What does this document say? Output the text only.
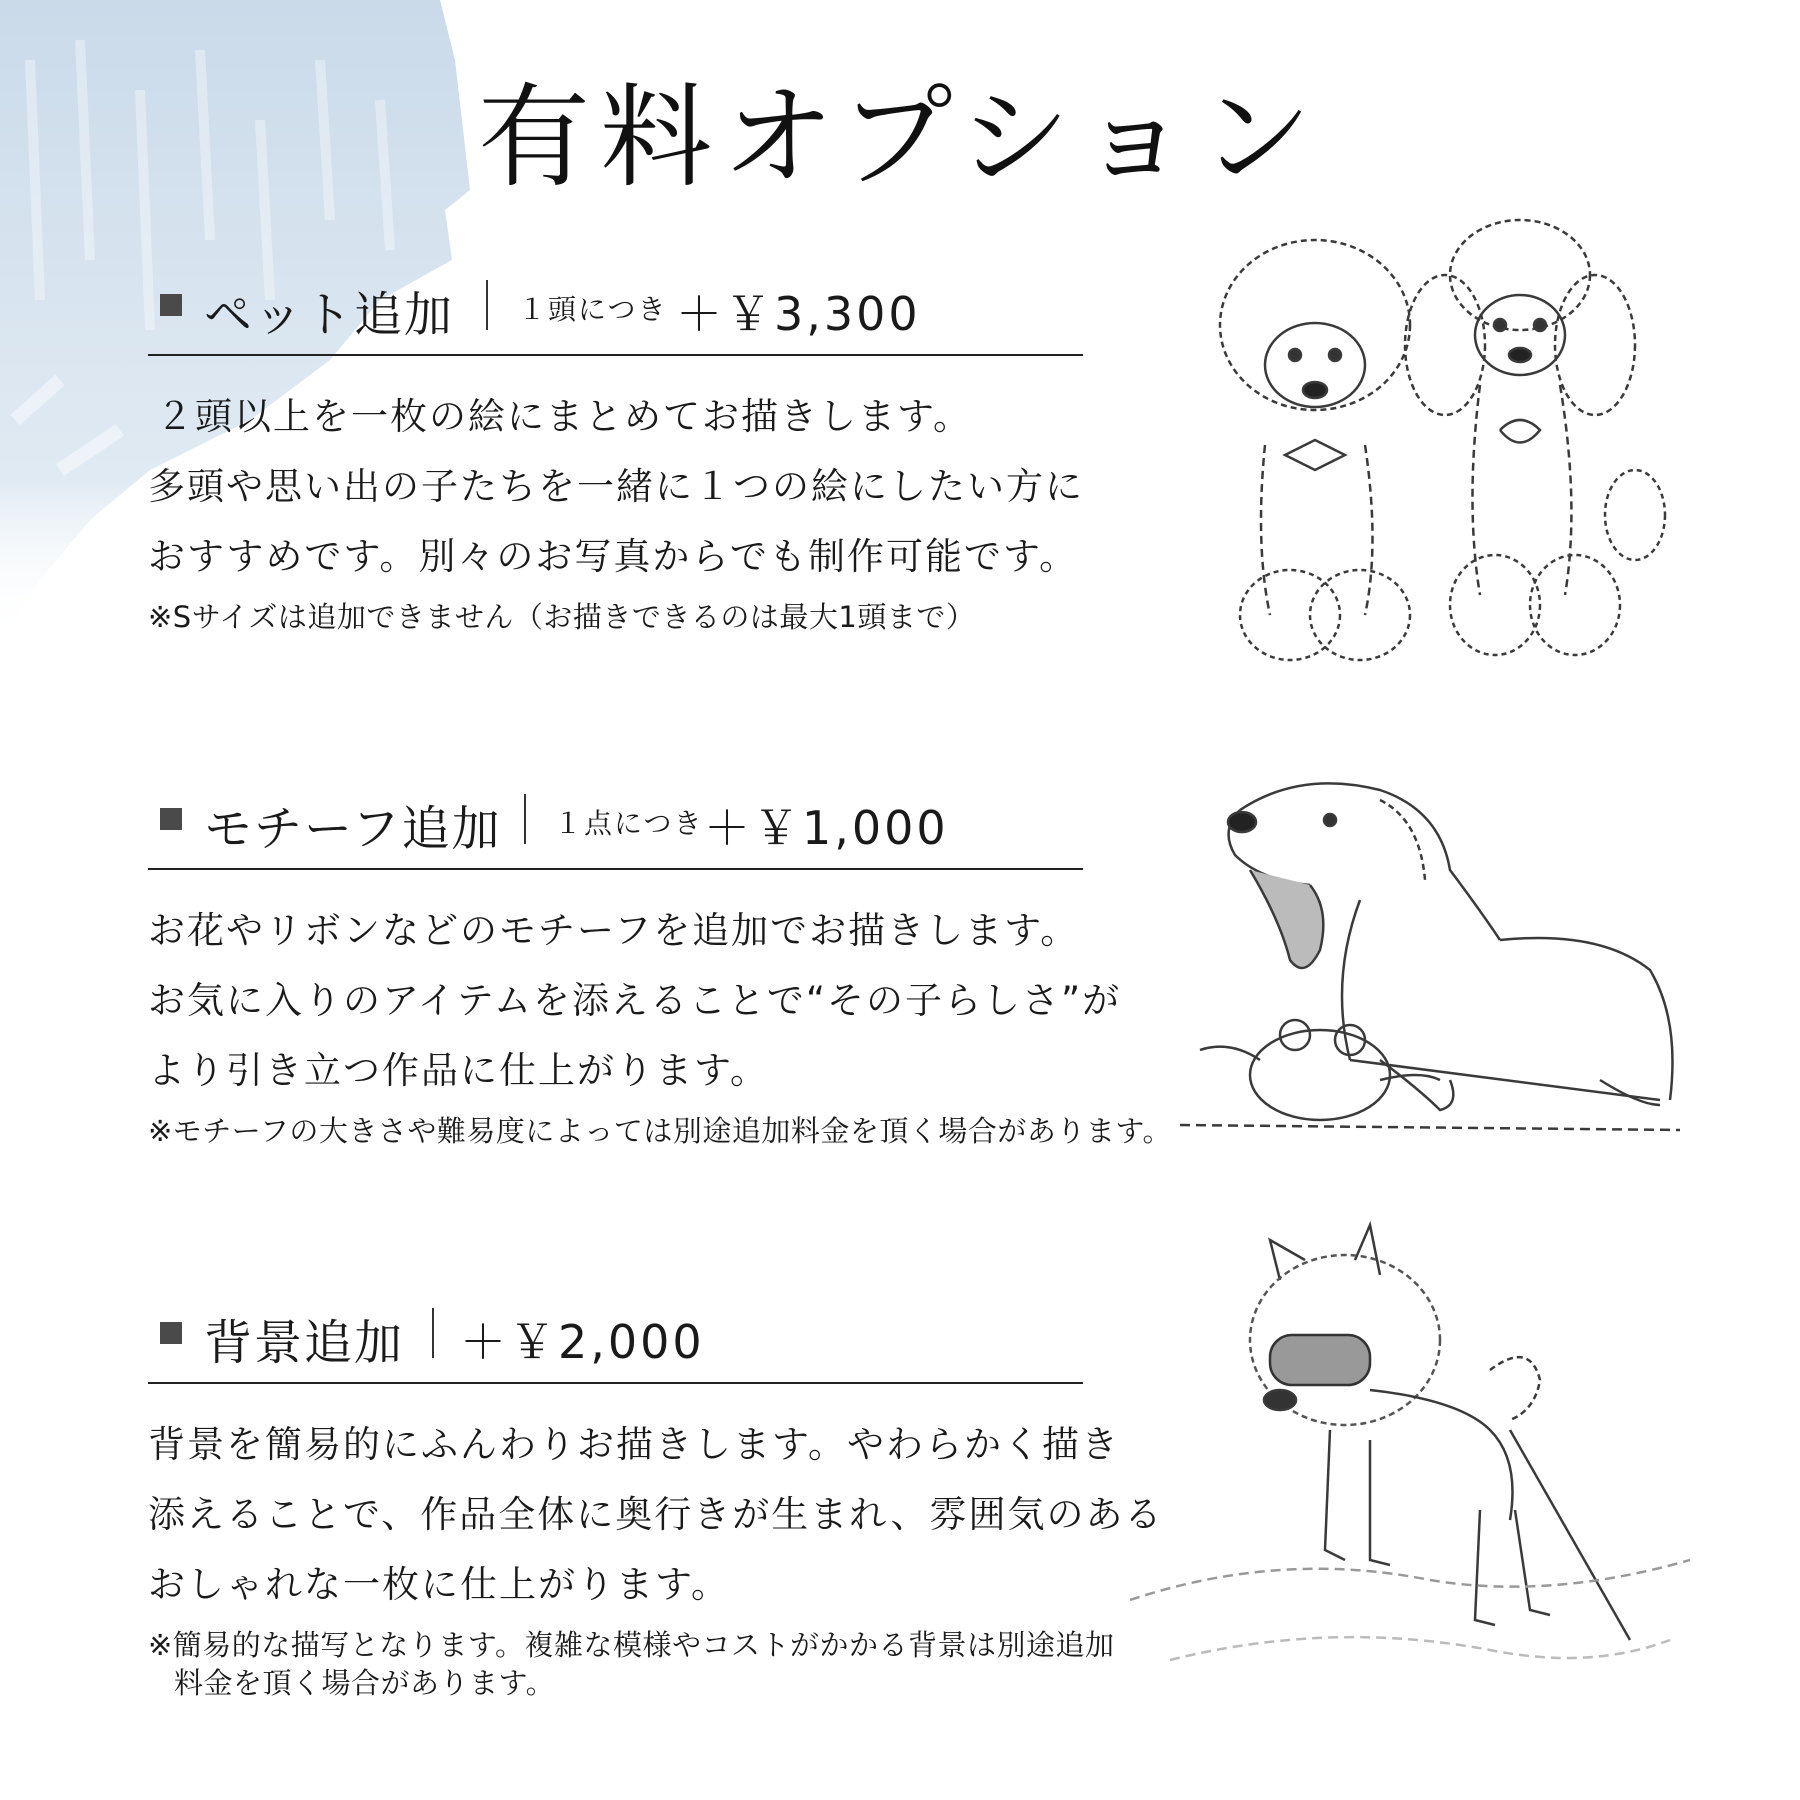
有料オプション
ペット追加 １頭につき ＋￥3,300
２頭以上を一枚の絵にまとめてお描きします。
多頭や思い出の子たちを一緒に１つの絵にしたい方に
おすすめです。別々のお写真からでも制作可能です。
※Sサイズは追加できません（お描きできるのは最大1頭まで）
モチーフ追加 １点につき ＋￥1,000
お花やリボンなどのモチーフを追加でお描きします。
お気に入りのアイテムを添えることで“その子らしさ”が
より引き立つ作品に仕上がります。
※モチーフの大きさや難易度によっては別途追加料金を頂く場合があります。
背景追加 ＋￥2,000
背景を簡易的にふんわりお描きします。やわらかく描き
添えることで、作品全体に奥行きが生まれ、雰囲気のある
おしゃれな一枚に仕上がります。
※簡易的な描写となります。複雑な模様やコストがかかる背景は別途追加
料金を頂く場合があります。
